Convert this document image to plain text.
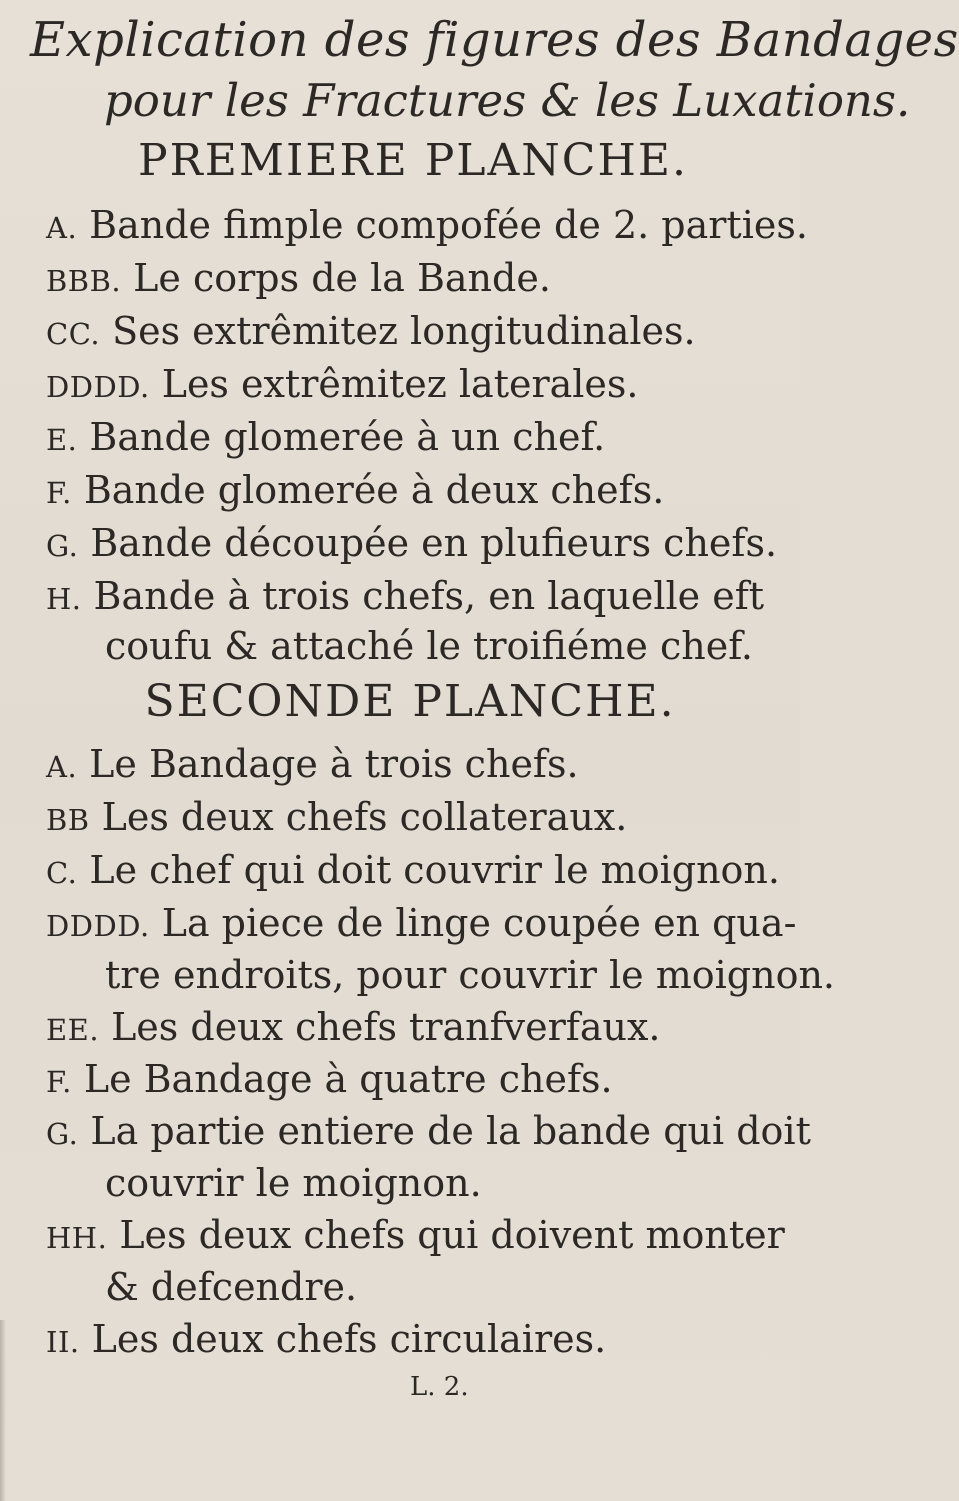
Explication des figures des Bandages
pour les Fractures & les Luxations.
PREMIERE PLANCHE.
A. Bande fimple compofée de 2. parties.
BBB. Le corps de la Bande.
CC. Ses extrêmitez longitudinales.
DDDD. Les extrêmitez laterales.
E. Bande glomerée à un chef.
F. Bande glomerée à deux chefs.
G. Bande découpée en plufieurs chefs.
H. Bande à trois chefs, en laquelle eft
coufu & attaché le troifiéme chef.
SECONDE PLANCHE.
A. Le Bandage à trois chefs.
BB Les deux chefs collateraux.
C. Le chef qui doit couvrir le moignon.
DDDD. La piece de linge coupée en qua-
tre endroits, pour couvrir le moignon.
EE. Les deux chefs tranfverfaux.
F. Le Bandage à quatre chefs.
G. La partie entiere de la bande qui doit
couvrir le moignon.
HH. Les deux chefs qui doivent monter
& defcendre.
II. Les deux chefs circulaires.
L. 2.
